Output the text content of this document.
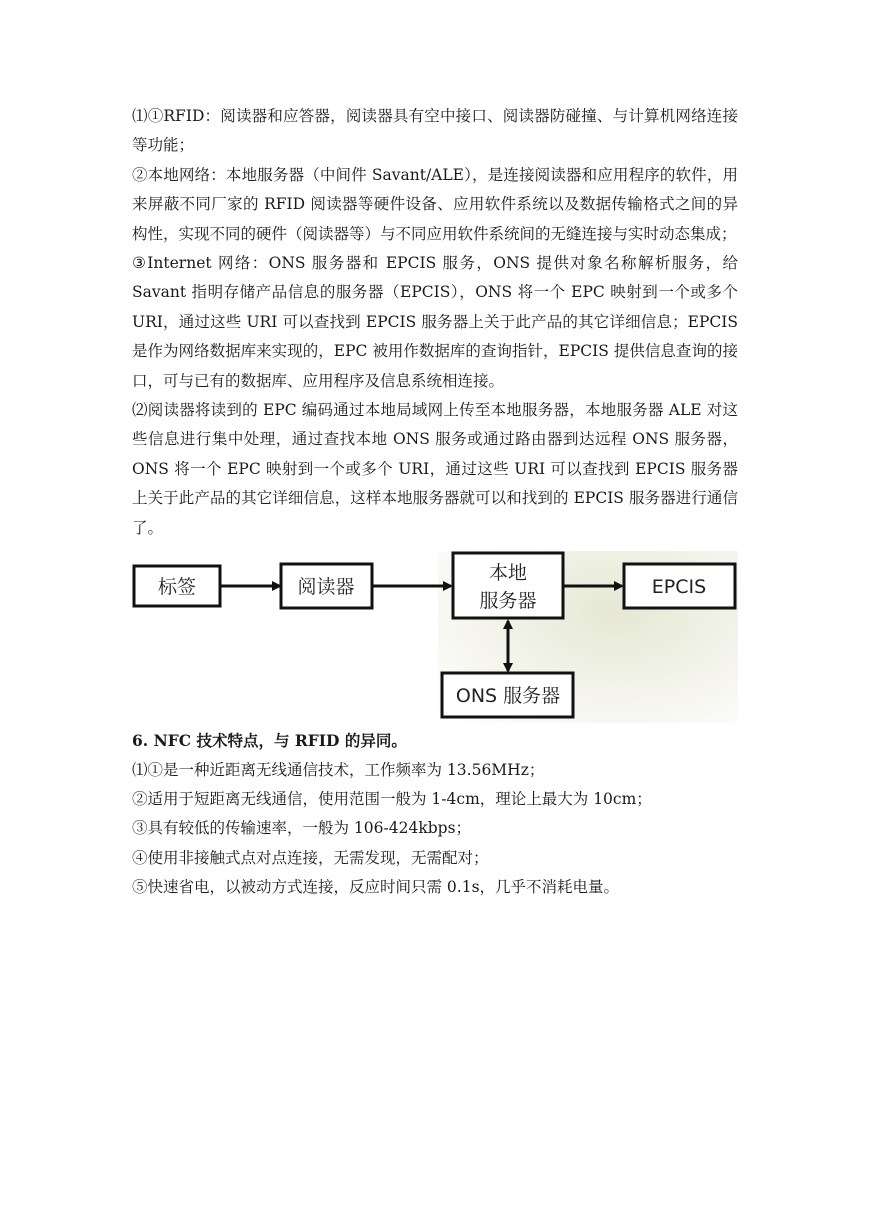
⑴①RFID：阅读器和应答器，阅读器具有空中接口、阅读器防碰撞、与计算机网络连接等功能；

②本地网络：本地服务器（中间件 Savant/ALE），是连接阅读器和应用程序的软件，用来屏蔽不同厂家的 RFID 阅读器等硬件设备、应用软件系统以及数据传输格式之间的异构性，实现不同的硬件（阅读器等）与不同应用软件系统间的无缝连接与实时动态集成；

③Internet 网络：ONS 服务器和 EPCIS 服务，ONS 提供对象名称解析服务，给 Savant 指明存储产品信息的服务器（EPCIS），ONS 将一个 EPC 映射到一个或多个 URI，通过这些 URI 可以查找到 EPCIS 服务器上关于此产品的其它详细信息；EPCIS 是作为网络数据库来实现的，EPC 被用作数据库的查询指针，EPCIS 提供信息查询的接口，可与已有的数据库、应用程序及信息系统相连接。

⑵阅读器将读到的 EPC 编码通过本地局域网上传至本地服务器，本地服务器 ALE 对这些信息进行集中处理，通过查找本地 ONS 服务或通过路由器到达远程 ONS 服务器，ONS 将一个 EPC 映射到一个或多个 URI，通过这些 URI 可以查找到 EPCIS 服务器上关于此产品的其它详细信息，这样本地服务器就可以和找到的 EPCIS 服务器进行通信了。

标签	阅读器
本地
服务器
EPCIS
ONS 服务器

6. NFC 技术特点，与 RFID 的异同。

⑴①是一种近距离无线通信技术，工作频率为 13.56MHz；

②适用于短距离无线通信，使用范围一般为 1-4cm，理论上最大为 10cm；

③具有较低的传输速率，一般为 106-424kbps；

④使用非接触式点对点连接，无需发现，无需配对；

⑤快速省电，以被动方式连接，反应时间只需 0.1s，几乎不消耗电量。
